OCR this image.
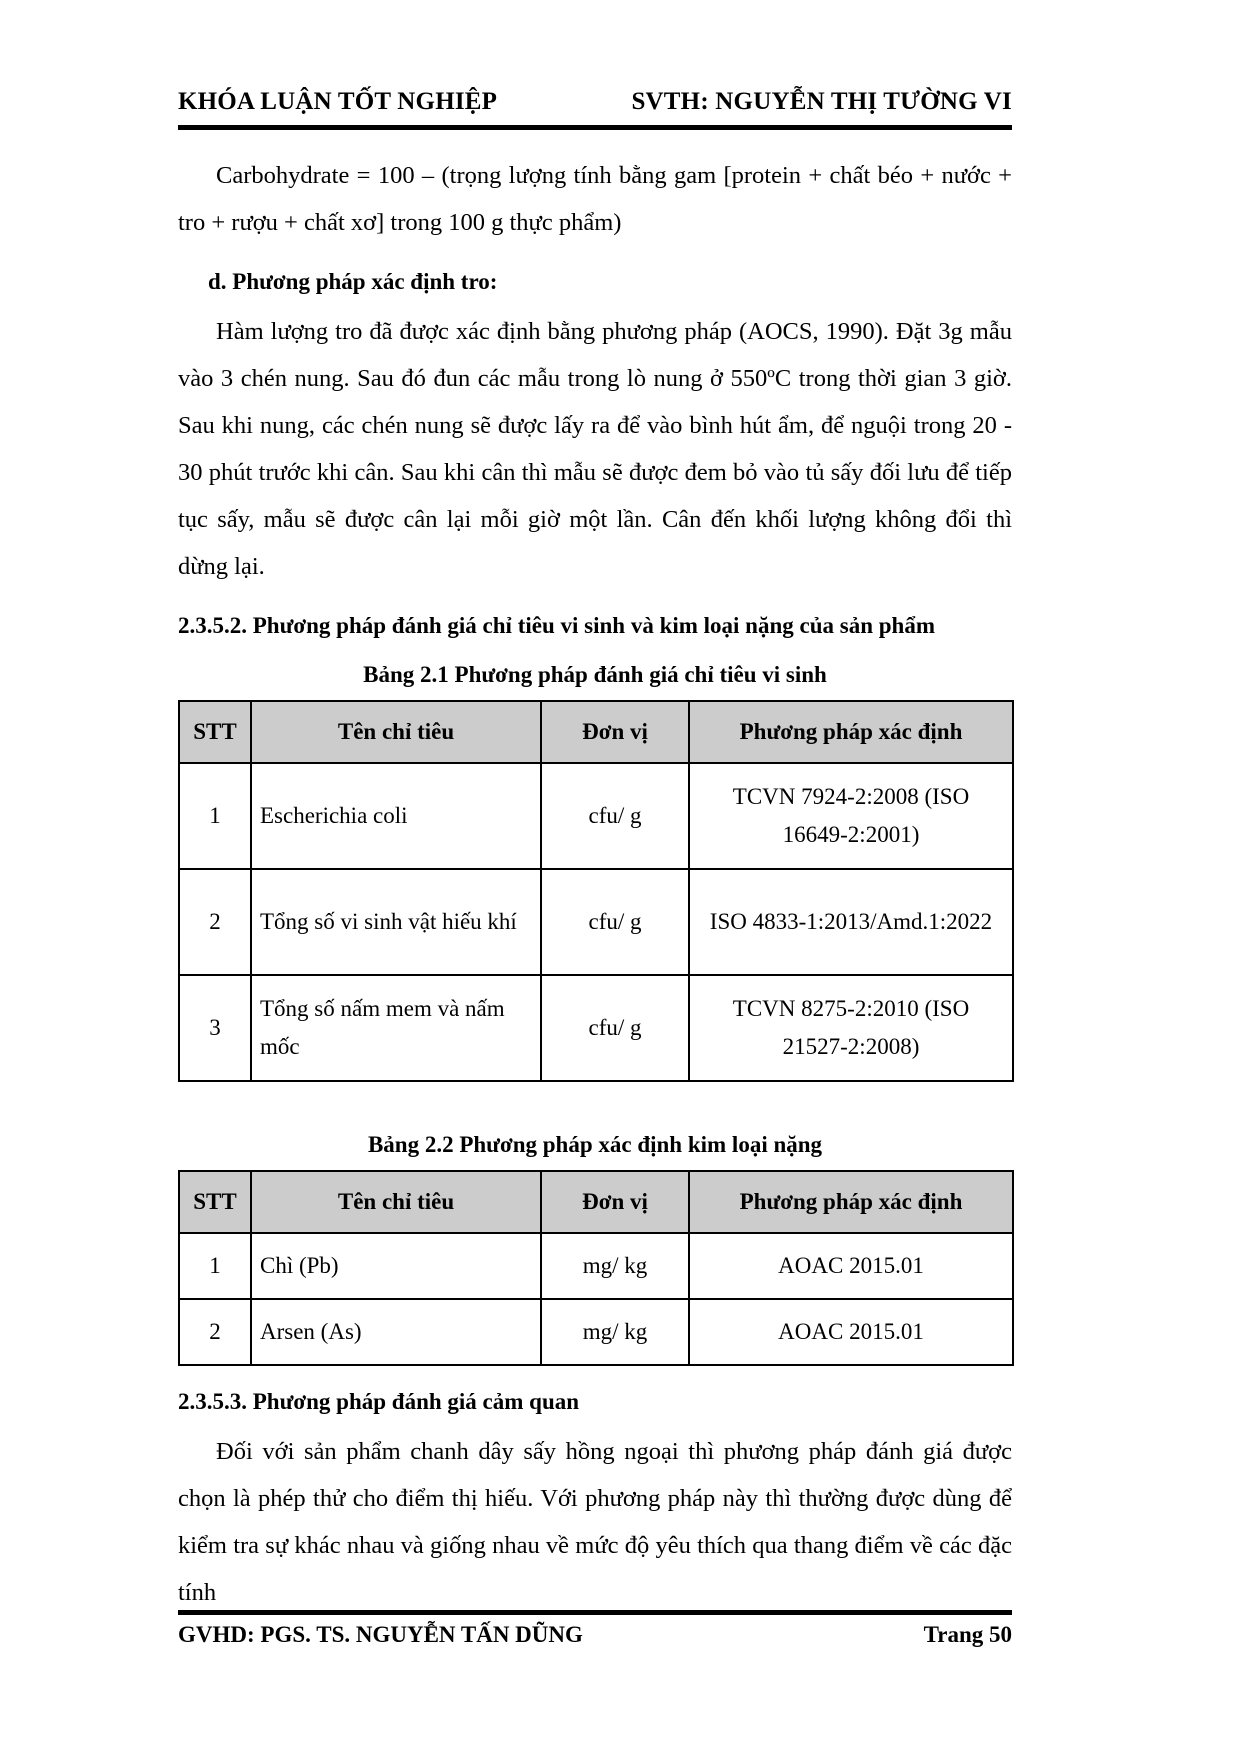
KHÓA LUẬN TỐT NGHIỆP	SVTH: NGUYỄN THỊ TƯỜNG VI

Carbohydrate = 100 – (trọng lượng tính bằng gam [protein + chất béo + nước + tro + rượu + chất xơ] trong 100 g thực phẩm)

d. Phương pháp xác định tro:

Hàm lượng tro đã được xác định bằng phương pháp (AOCS, 1990). Đặt 3g mẫu vào 3 chén nung. Sau đó đun các mẫu trong lò nung ở 550ºC trong thời gian 3 giờ. Sau khi nung, các chén nung sẽ được lấy ra để vào bình hút ẩm, để nguội trong 20 - 30 phút trước khi cân. Sau khi cân thì mẫu sẽ được đem bỏ vào tủ sấy đối lưu để tiếp tục sấy, mẫu sẽ được cân lại mỗi giờ một lần. Cân đến khối lượng không đổi thì dừng lại.

2.3.5.2. Phương pháp đánh giá chỉ tiêu vi sinh và kim loại nặng của sản phẩm

Bảng 2.1 Phương pháp đánh giá chỉ tiêu vi sinh

STT	Tên chỉ tiêu	Đơn vị	Phương pháp xác định
1	Escherichia coli	cfu/ g	TCVN 7924-2:2008 (ISO 16649-2:2001)
2	Tổng số vi sinh vật hiếu khí	cfu/ g	ISO 4833-1:2013/Amd.1:2022
3	Tổng số nấm mem và nấm mốc	cfu/ g	TCVN 8275-2:2010 (ISO 21527-2:2008)

Bảng 2.2 Phương pháp xác định kim loại nặng

STT	Tên chỉ tiêu	Đơn vị	Phương pháp xác định
1	Chì (Pb)	mg/ kg	AOAC 2015.01
2	Arsen (As)	mg/ kg	AOAC 2015.01

2.3.5.3. Phương pháp đánh giá cảm quan

Đối với sản phẩm chanh dây sấy hồng ngoại thì phương pháp đánh giá được chọn là phép thử cho điểm thị hiếu. Với phương pháp này thì thường được dùng để kiểm tra sự khác nhau và giống nhau về mức độ yêu thích qua thang điểm về các đặc tính

GVHD: PGS. TS. NGUYỄN TẤN DŨNG	Trang 50
